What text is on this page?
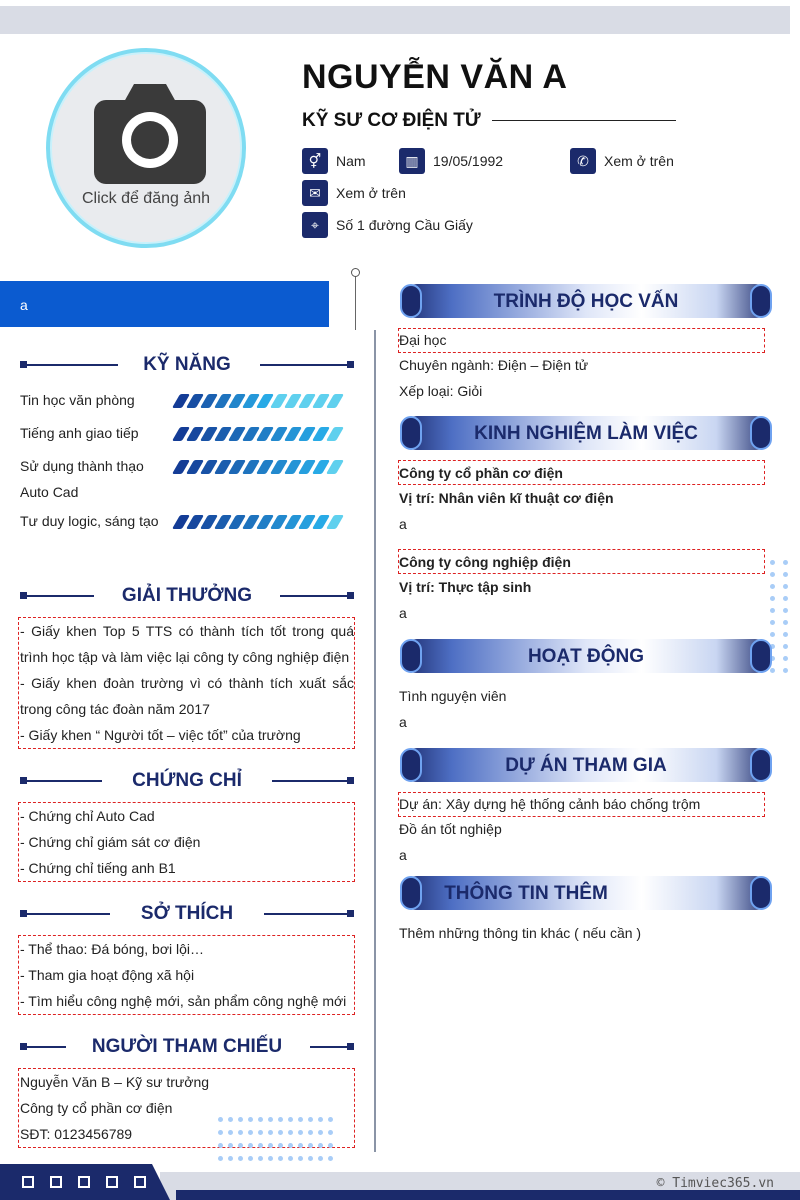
Click để đăng ảnh
NGUYỄN VĂN A
KỸ SƯ CƠ ĐIỆN TỬ
⚥	Nam	▥	19/05/1992	✆	Xem ở trên
✉	Xem ở trên
⌖	Số 1 đường Cầu Giấy
a
KỸ NĂNG
Tin học văn phòng
Tiếng anh giao tiếp
Sử dụng thành thạo Auto Cad
Tư duy logic, sáng tạo
GIẢI THƯỞNG
- Giấy khen Top 5 TTS có thành tích tốt trong quá trình học tập và làm việc lại công ty công nghiệp điện
- Giấy khen đoàn trường vì có thành tích xuất sắc trong công tác đoàn năm 2017
- Giấy khen “ Người tốt – việc tốt” của trường
CHỨNG CHỈ
- Chứng chỉ Auto Cad
- Chứng chỉ giám sát cơ điện
- Chứng chỉ tiếng anh B1
SỞ THÍCH
- Thể thao: Đá bóng, bơi lội…
- Tham gia hoạt động xã hội
- Tìm hiểu công nghệ mới, sản phẩm công nghệ mới
NGƯỜI THAM CHIẾU
Nguyễn Văn B – Kỹ sư trưởng
Công ty cổ phần cơ điện
SĐT: 0123456789
TRÌNH ĐỘ HỌC VẤN
Đại học
Chuyên ngành: Điện – Điện tử
Xếp loại: Giỏi
KINH NGHIỆM LÀM VIỆC
Công ty cổ phần cơ điện
Vị trí: Nhân viên kĩ thuật cơ điện
a
Công ty công nghiệp điện
Vị trí: Thực tập sinh
a
HOẠT ĐỘNG
Tình nguyện viên
a
DỰ ÁN THAM GIA
Dự án: Xây dựng hệ thống cảnh báo chống trộm
Đồ án tốt nghiệp
a
THÔNG TIN THÊM
Thêm những thông tin khác ( nếu cần )
© Timviec365.vn
